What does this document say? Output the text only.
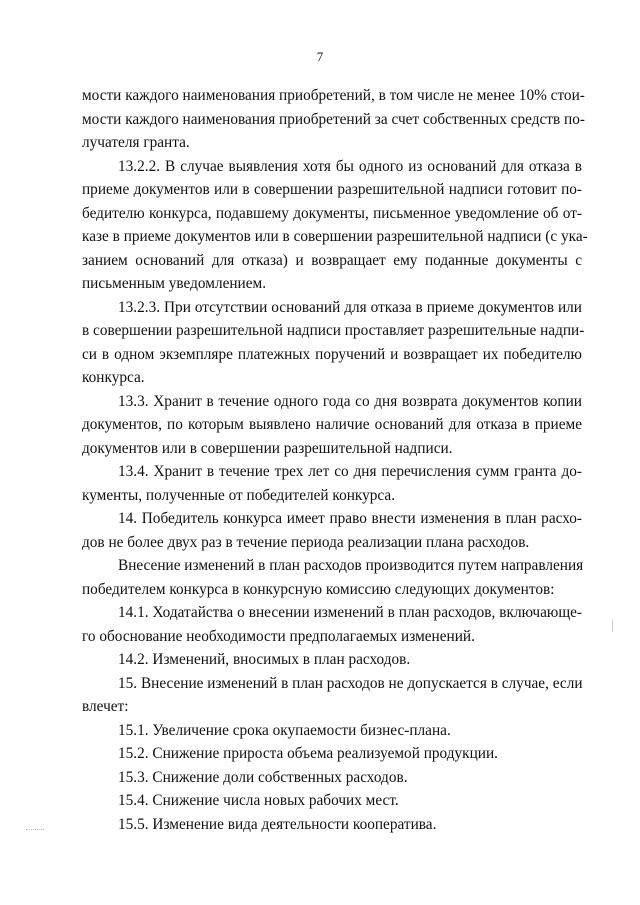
7
мости каждого наименования приобретений, в том числе не менее 10% стои-
мости каждого наименования приобретений за счет собственных средств по-
лучателя гранта.
13.2.2. В случае выявления хотя бы одного из оснований для отказа в
приеме документов или в совершении разрешительной надписи готовит по-
бедителю конкурса, подавшему документы, письменное уведомление об от-
казе в приеме документов или в совершении разрешительной надписи (с ука-
занием оснований для отказа) и возвращает ему поданные документы с
письменным уведомлением.
13.2.3. При отсутствии оснований для отказа в приеме документов или
в совершении разрешительной надписи проставляет разрешительные надпи-
си в одном экземпляре платежных поручений и возвращает их победителю
конкурса.
13.3. Хранит в течение одного года со дня возврата документов копии
документов, по которым выявлено наличие оснований для отказа в приеме
документов или в совершении разрешительной надписи.
13.4. Хранит в течение трех лет со дня перечисления сумм гранта до-
кументы, полученные от победителей конкурса.
14. Победитель конкурса имеет право внести изменения в план расхо-
дов не более двух раз в течение периода реализации плана расходов.
Внесение изменений в план расходов производится путем направления
победителем конкурса в конкурсную комиссию следующих документов:
14.1. Ходатайства о внесении изменений в план расходов, включающе-
го обоснование необходимости предполагаемых изменений.
14.2. Изменений, вносимых в план расходов.
15. Внесение изменений в план расходов не допускается в случае, если
влечет:
15.1. Увеличение срока окупаемости бизнес-плана.
15.2. Снижение прироста объема реализуемой продукции.
15.3. Снижение доли собственных расходов.
15.4. Снижение числа новых рабочих мест.
15.5. Изменение вида деятельности кооператива.
